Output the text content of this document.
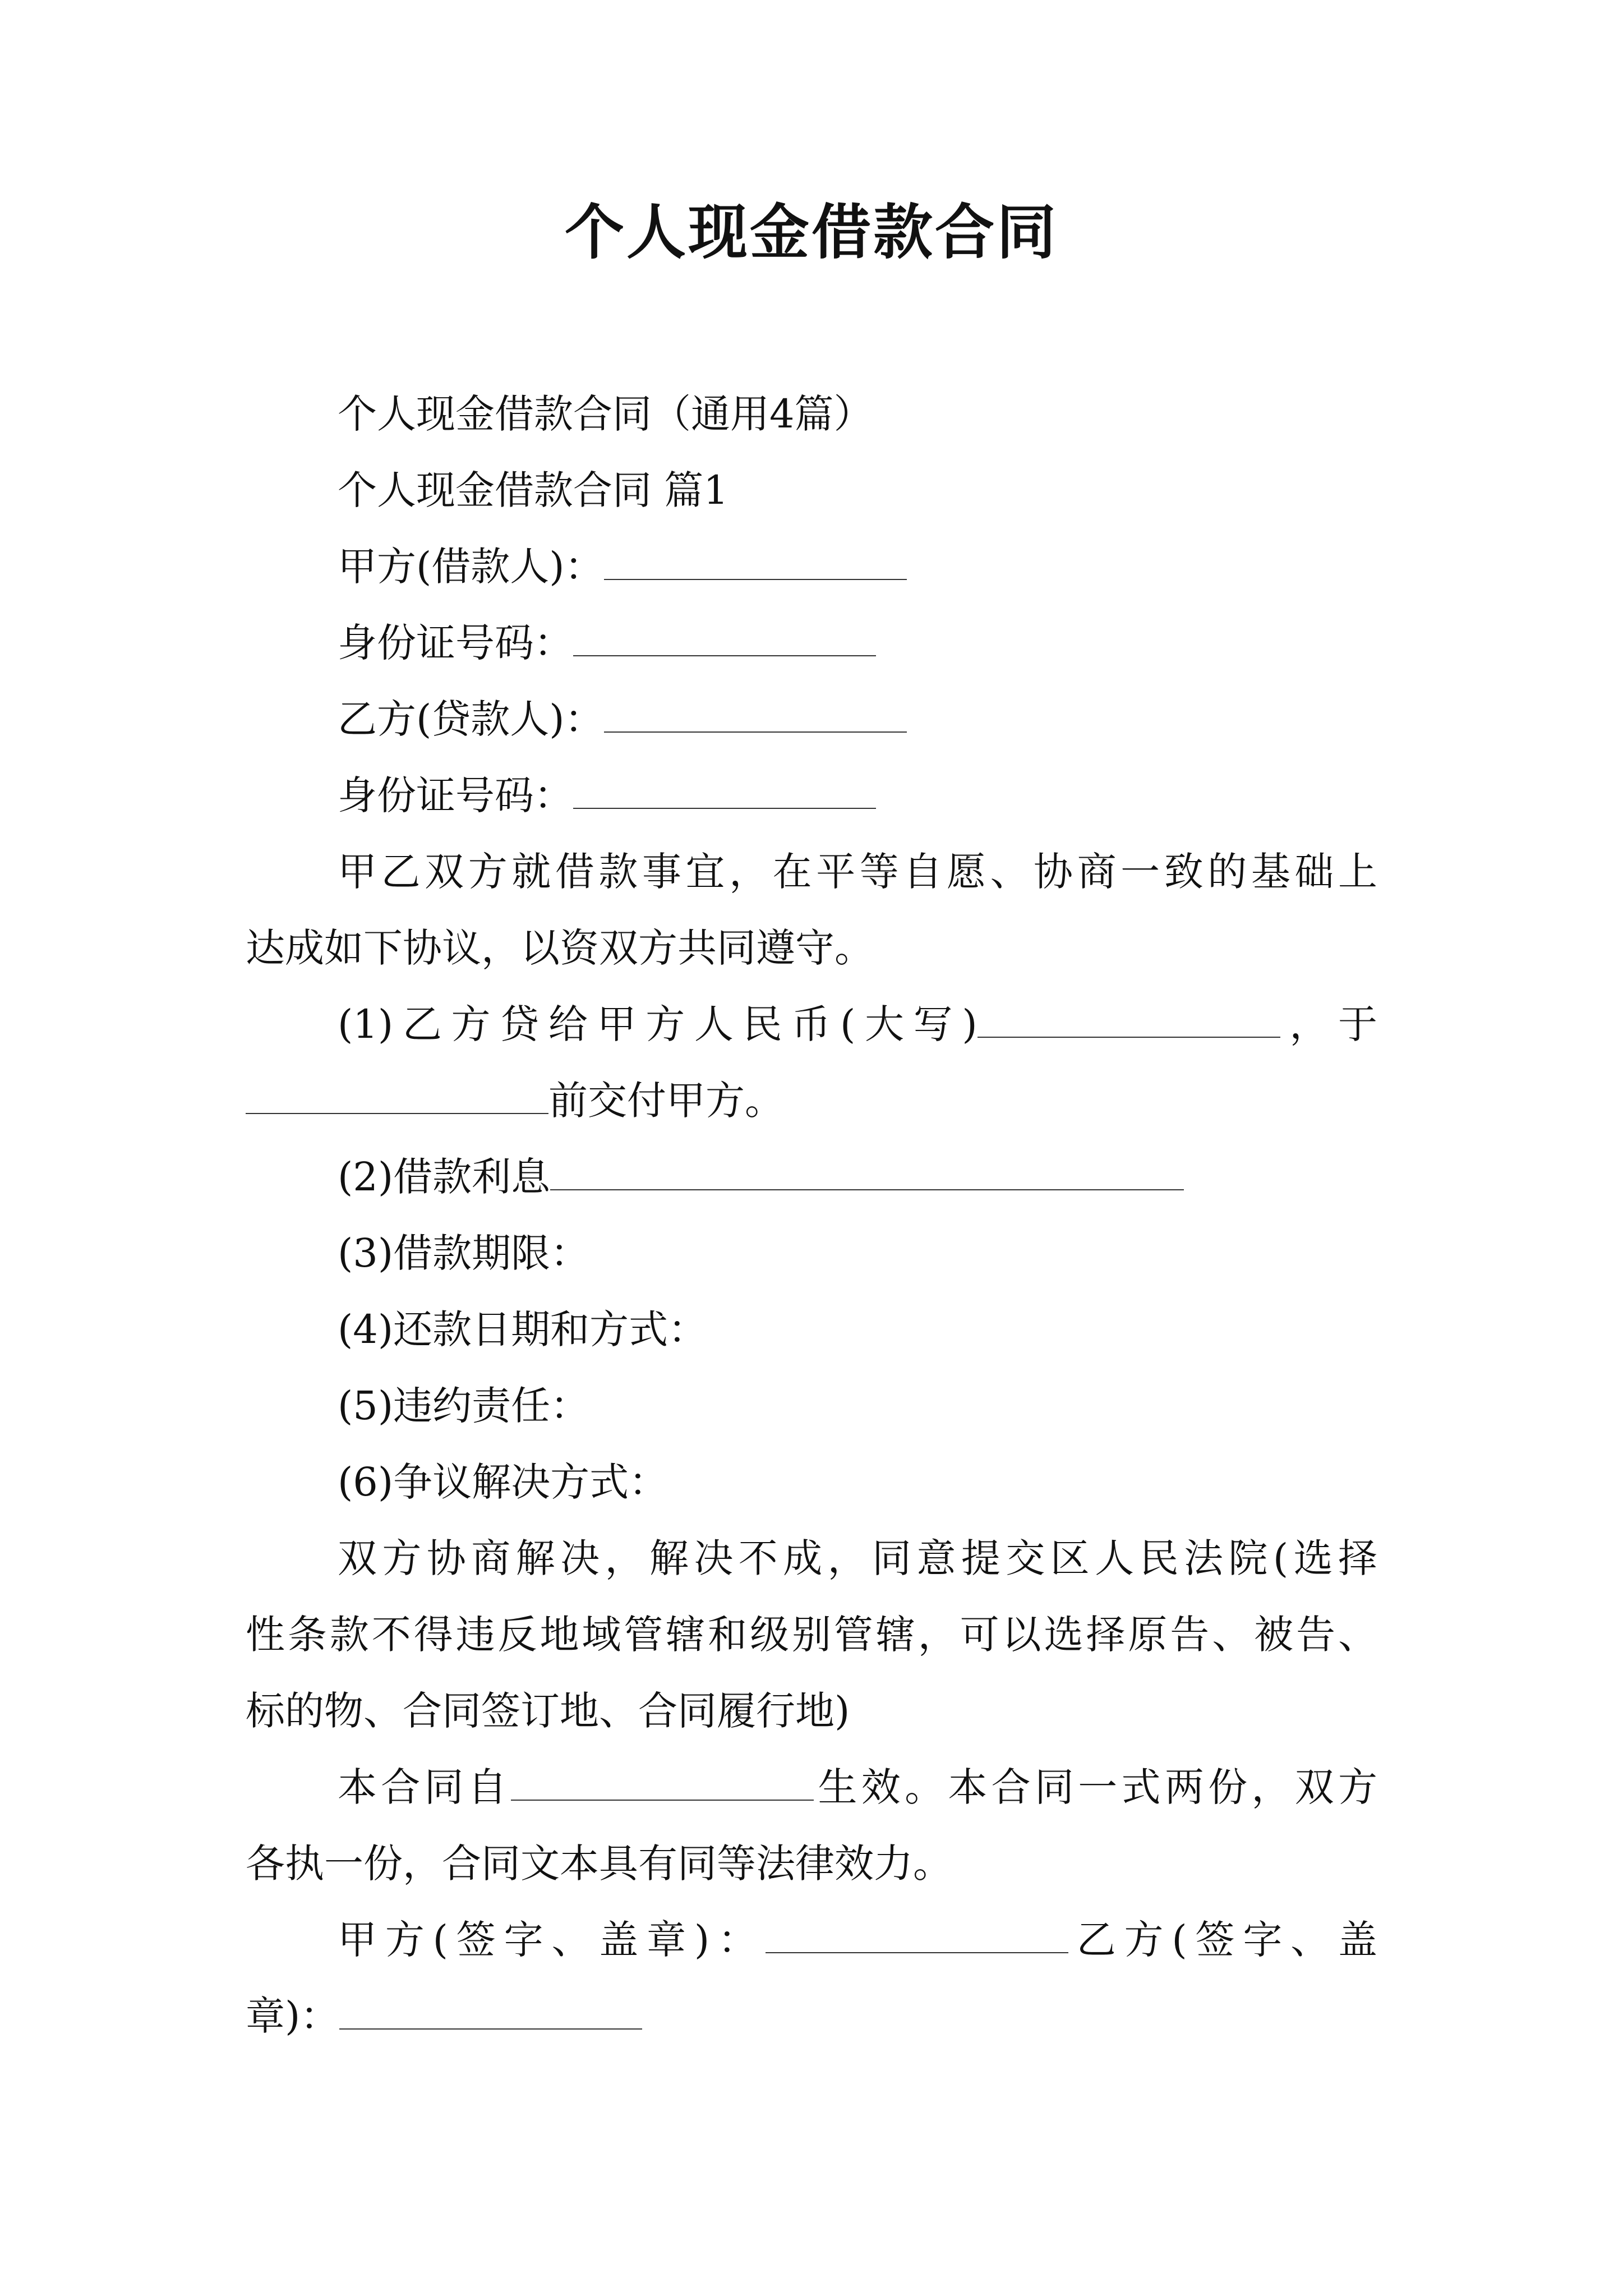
个人现金借款合同

个人现金借款合同（通用4篇）

个人现金借款合同 篇1

甲方(借款人)：

身份证号码：

乙方(贷款人)：

身份证号码：

甲乙双方就借款事宜，在平等自愿、协商一致的基础上

达成如下协议，以资双方共同遵守。

(1)乙方贷给甲方人民币(大写)	，于

前交付甲方。

(2)借款利息

(3)借款期限：

(4)还款日期和方式：

(5)违约责任：

(6)争议解决方式：

双方协商解决，解决不成，同意提交区人民法院(选择

性条款不得违反地域管辖和级别管辖，可以选择原告、被告、

标的物、合同签订地、合同履行地)

本合同自	生效。本合同一式两份，双方

各执一份，合同文本具有同等法律效力。

甲方(签字、盖章)：	乙方(签字、盖

章)：
